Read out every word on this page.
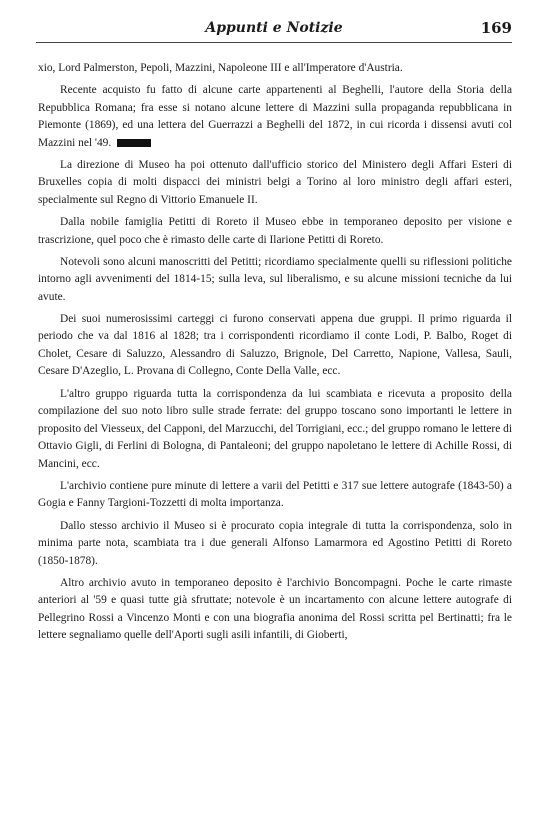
Appunti e Notizie	169

xio, Lord Palmerston, Pepoli, Mazzini, Napoleone III e all'Imperatore d'Austria.

Recente acquisto fu fatto di alcune carte appartenenti al Beghelli, l'autore della Storia della Repubblica Romana; fra esse si notano alcune lettere di Mazzini sulla propaganda repubblicana in Piemonte (1869), ed una lettera del Guerrazzi a Beghelli del 1872, in cui ricorda i dissensi avuti col Mazzini nel '49.

La direzione di Museo ha poi ottenuto dall'ufficio storico del Ministero degli Affari Esteri di Bruxelles copia di molti dispacci dei ministri belgi a Torino al loro ministro degli affari esteri, specialmente sul Regno di Vittorio Emanuele II.

Dalla nobile famiglia Petitti di Roreto il Museo ebbe in temporaneo deposito per visione e trascrizione, quel poco che è rimasto delle carte di Ilarione Petitti di Roreto.

Notevoli sono alcuni manoscritti del Petitti; ricordiamo specialmente quelli su riflessioni politiche intorno agli avvenimenti del 1814-15; sulla leva, sul liberalismo, e su alcune missioni tecniche da lui avute.

Dei suoi numerosissimi carteggi ci furono conservati appena due gruppi. Il primo riguarda il periodo che va dal 1816 al 1828; tra i corrispondenti ricordiamo il conte Lodi, P. Balbo, Roget di Cholet, Cesare di Saluzzo, Alessandro di Saluzzo, Brignole, Del Carretto, Napione, Vallesa, Sauli, Cesare D'Azeglio, L. Provana di Collegno, Conte Della Valle, ecc.

L'altro gruppo riguarda tutta la corrispondenza da lui scambiata e ricevuta a proposito della compilazione del suo noto libro sulle strade ferrate: del gruppo toscano sono importanti le lettere in proposito del Viesseux, del Capponi, del Marzucchi, del Torrigiani, ecc.; del gruppo romano le lettere di Ottavio Gigli, di Ferlini di Bologna, di Pantaleoni; del gruppo napoletano le lettere di Achille Rossi, di Mancini, ecc.

L'archivio contiene pure minute di lettere a varii del Petitti e 317 sue lettere autografe (1843-50) a Gogia e Fanny Targioni-Tozzetti di molta importanza.

Dallo stesso archivio il Museo si è procurato copia integrale di tutta la corrispondenza, solo in minima parte nota, scambiata tra i due generali Alfonso Lamarmora ed Agostino Petitti di Roreto (1850-1878).

Altro archivio avuto in temporaneo deposito è l'archivio Boncompagni. Poche le carte rimaste anteriori al '59 e quasi tutte già sfruttate; notevole è un incartamento con alcune lettere autografe di Pellegrino Rossi a Vincenzo Monti e con una biografia anonima del Rossi scritta pel Bertinatti; fra le lettere segnaliamo quelle dell'Aporti sugli asili infantili, di Gioberti,
